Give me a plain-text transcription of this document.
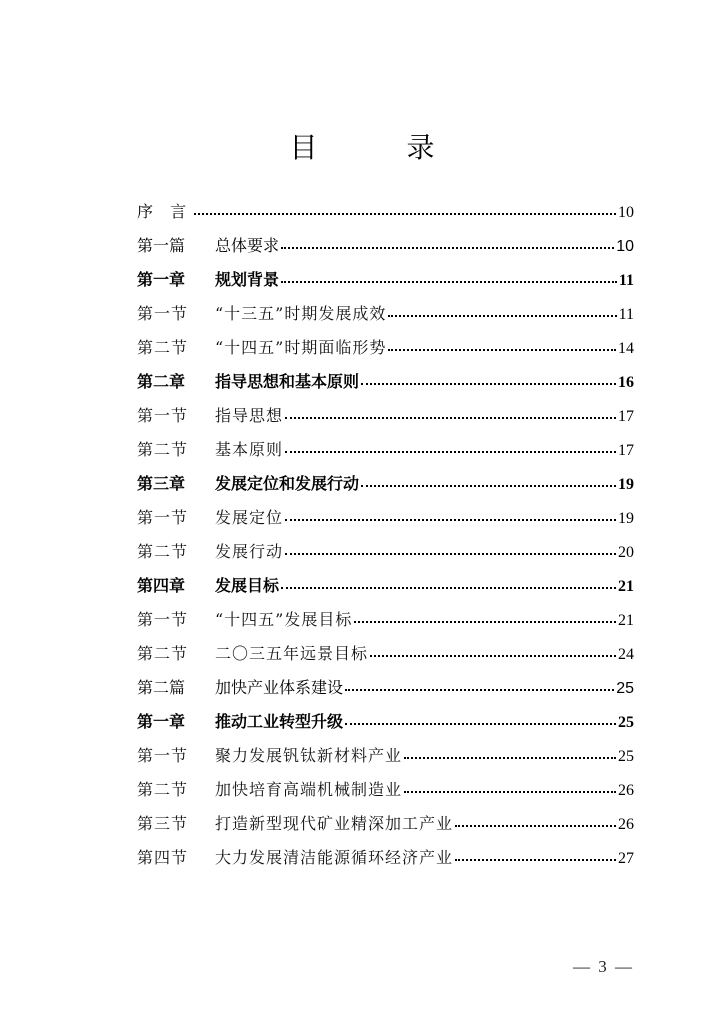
目 录
序 言	10
第一篇	总体要求	10
第一章	规划背景	11
第一节	“十三五”时期发展成效	11
第二节	“十四五”时期面临形势	14
第二章	指导思想和基本原则	16
第一节	指导思想	17
第二节	基本原则	17
第三章	发展定位和发展行动	19
第一节	发展定位	19
第二节	发展行动	20
第四章	发展目标	21
第一节	“十四五”发展目标	21
第二节	二〇三五年远景目标	24
第二篇	加快产业体系建设	25
第一章	推动工业转型升级	25
第一节	聚力发展钒钛新材料产业	25
第二节	加快培育高端机械制造业	26
第三节	打造新型现代矿业精深加工产业	26
第四节	大力发展清洁能源循环经济产业	27
— 3 —
